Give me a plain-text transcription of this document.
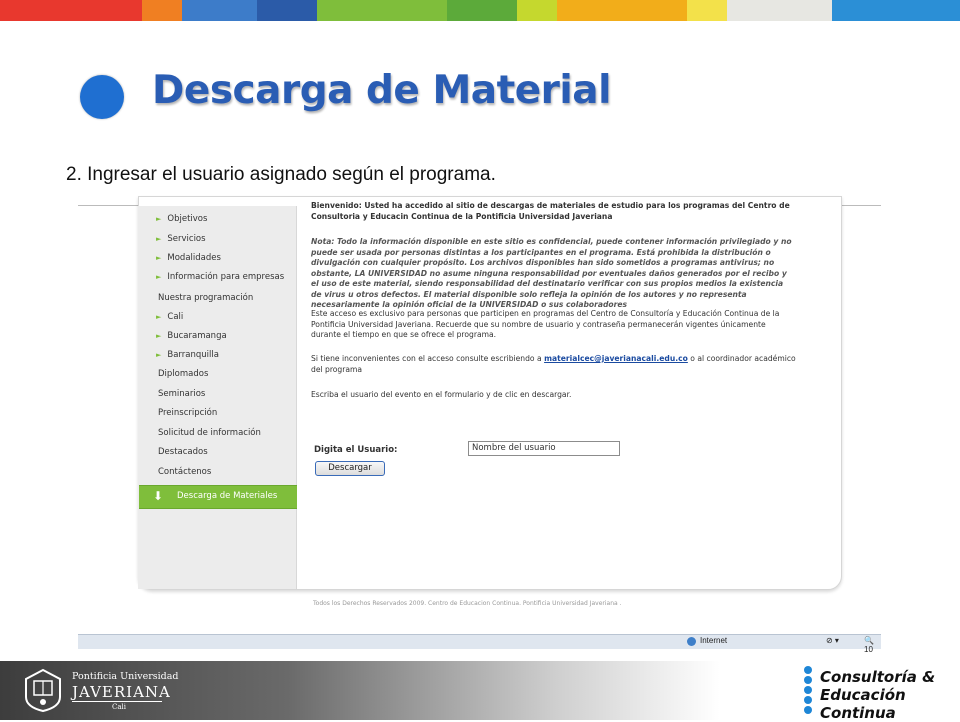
Descarga de Material
2. Ingresar el usuario asignado según el programa.
► Objetivos
► Servicios
► Modalidades
► Información para empresas
Nuestra programación
► Cali
► Bucaramanga
► Barranquilla
Diplomados
Seminarios
Preinscripción
Solicitud de información
Destacados
Contáctenos
⬇	Descarga de Materiales
Bienvenido: Usted ha accedido al sitio de descargas de materiales de estudio para los programas del Centro de Consultoria y Educacin Continua de la Pontificia Universidad Javeriana
Nota: Todo la información disponible en este sitio es confidencial, puede contener información privilegiado y no puede ser usada por personas distintas a los participantes en el programa. Está prohibida la distribución o divulgación con cualquier propósito. Los archivos disponibles han sido sometidos a programas antivirus; no obstante, LA UNIVERSIDAD no asume ninguna responsabilidad por eventuales daños generados por el recibo y el uso de este material, siendo responsabilidad del destinatario verificar con sus propios medios la existencia de virus u otros defectos. El material disponible solo refleja la opinión de los autores y no representa necesariamente la opinión oficial de la UNIVERSIDAD o sus colaboradores
Este acceso es exclusivo para personas que participen en programas del Centro de Consultoría y Educación Continua de la Pontificia Universidad Javeriana. Recuerde que su nombre de usuario y contraseña permanecerán vigentes únicamente durante el tiempo en que se ofrece el programa.
Si tiene inconvenientes con el acceso consulte escribiendo a materialcec@javerianacali.edu.co o al coordinador académico del programa
Escriba el usuario del evento en el formulario y de clic en descargar.
Digita el Usuario:	Nombre del usuario
Descargar
Todos los Derechos Reservados 2009. Centro de Educacion Continua. Pontificia Universidad Javeriana .
Internet	⊘ ▾	🔍10
Pontificia Universidad
JAVERIANA
Cali
Consultoría &
Educación Continua
